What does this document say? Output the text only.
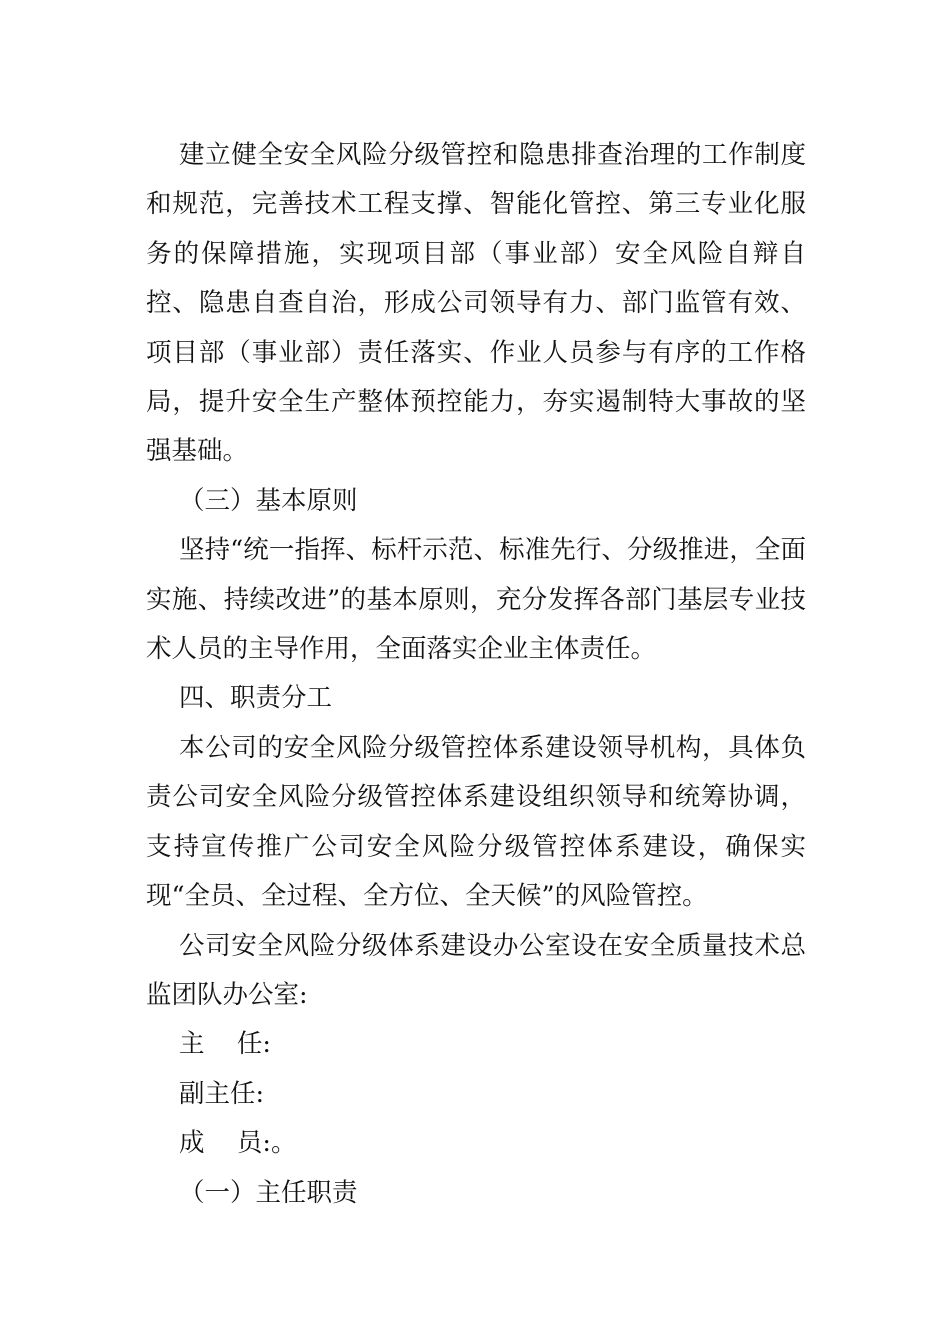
建立健全安全风险分级管控和隐患排查治理的工作制度和规范，完善技术工程支撑、智能化管控、第三专业化服务的保障措施，实现项目部（事业部）安全风险自辩自控、隐患自查自治，形成公司领导有力、部门监管有效、项目部（事业部）责任落实、作业人员参与有序的工作格局，提升安全生产整体预控能力，夯实遏制特大事故的坚强基础。

（三）基本原则

坚持“统一指挥、标杆示范、标准先行、分级推进，全面实施、持续改进”的基本原则，充分发挥各部门基层专业技术人员的主导作用，全面落实企业主体责任。

四、职责分工

本公司的安全风险分级管控体系建设领导机构，具体负责公司安全风险分级管控体系建设组织领导和统筹协调，支持宣传推广公司安全风险分级管控体系建设，确保实现“全员、全过程、全方位、全天候”的风险管控。

公司安全风险分级体系建设办公室设在安全质量技术总监团队办公室:

主    任:

副主任:

成    员:。

（一）主任职责
